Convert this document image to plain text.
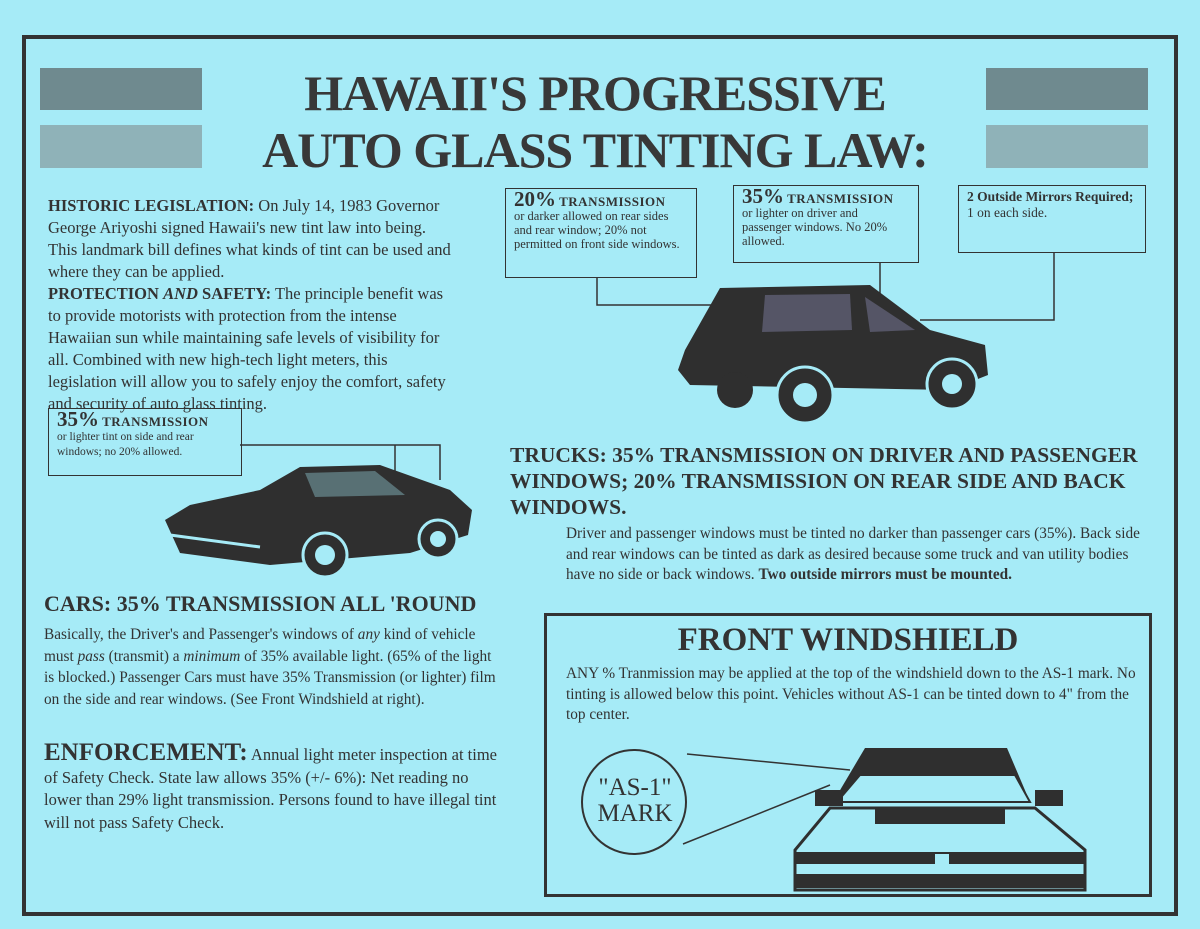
HAWAII'S PROGRESSIVE
AUTO GLASS TINTING LAW:
HISTORIC LEGISLATION: On July 14, 1983 Governor George Ariyoshi signed Hawaii's new tint law into being. This landmark bill defines what kinds of tint can be used and where they can be applied.
PROTECTION AND SAFETY: The principle benefit was to provide motorists with protection from the intense Hawaiian sun while maintaining safe levels of visibility for all. Combined with new high-tech light meters, this legislation will allow you to safely enjoy the comfort, safety and security of auto glass tinting.
35% TRANSMISSION
or lighter tint on side and rear windows; no 20% allowed.
CARS: 35% TRANSMISSION ALL 'ROUND
Basically, the Driver's and Passenger's windows of any kind of vehicle must pass (transmit) a minimum of 35% available light. (65% of the light is blocked.) Passenger Cars must have 35% Transmission (or lighter) film on the side and rear windows. (See Front Windshield at right).
ENFORCEMENT: Annual light meter inspection at time of Safety Check. State law allows 35% (+/- 6%): Net reading no lower than 29% light transmission. Persons found to have illegal tint will not pass Safety Check.
20% TRANSMISSION
or darker allowed on rear sides and rear window; 20% not permitted on front side windows.
35% TRANSMISSION
or lighter on driver and passenger windows. No 20% allowed.
2 Outside Mirrors Required;
1 on each side.
TRUCKS: 35% TRANSMISSION ON DRIVER AND PASSENGER WINDOWS; 20% TRANSMISSION ON REAR SIDE AND BACK WINDOWS.
Driver and passenger windows must be tinted no darker than passenger cars (35%). Back side and rear windows can be tinted as dark as desired because some truck and van utility bodies have no side or back windows. Two outside mirrors must be mounted.
FRONT WINDSHIELD
ANY % Tranmission may be applied at the top of the windshield down to the AS-1 mark. No tinting is allowed below this point. Vehicles without AS-1 can be tinted down to 4" from the top center.
"AS-1"
MARK
